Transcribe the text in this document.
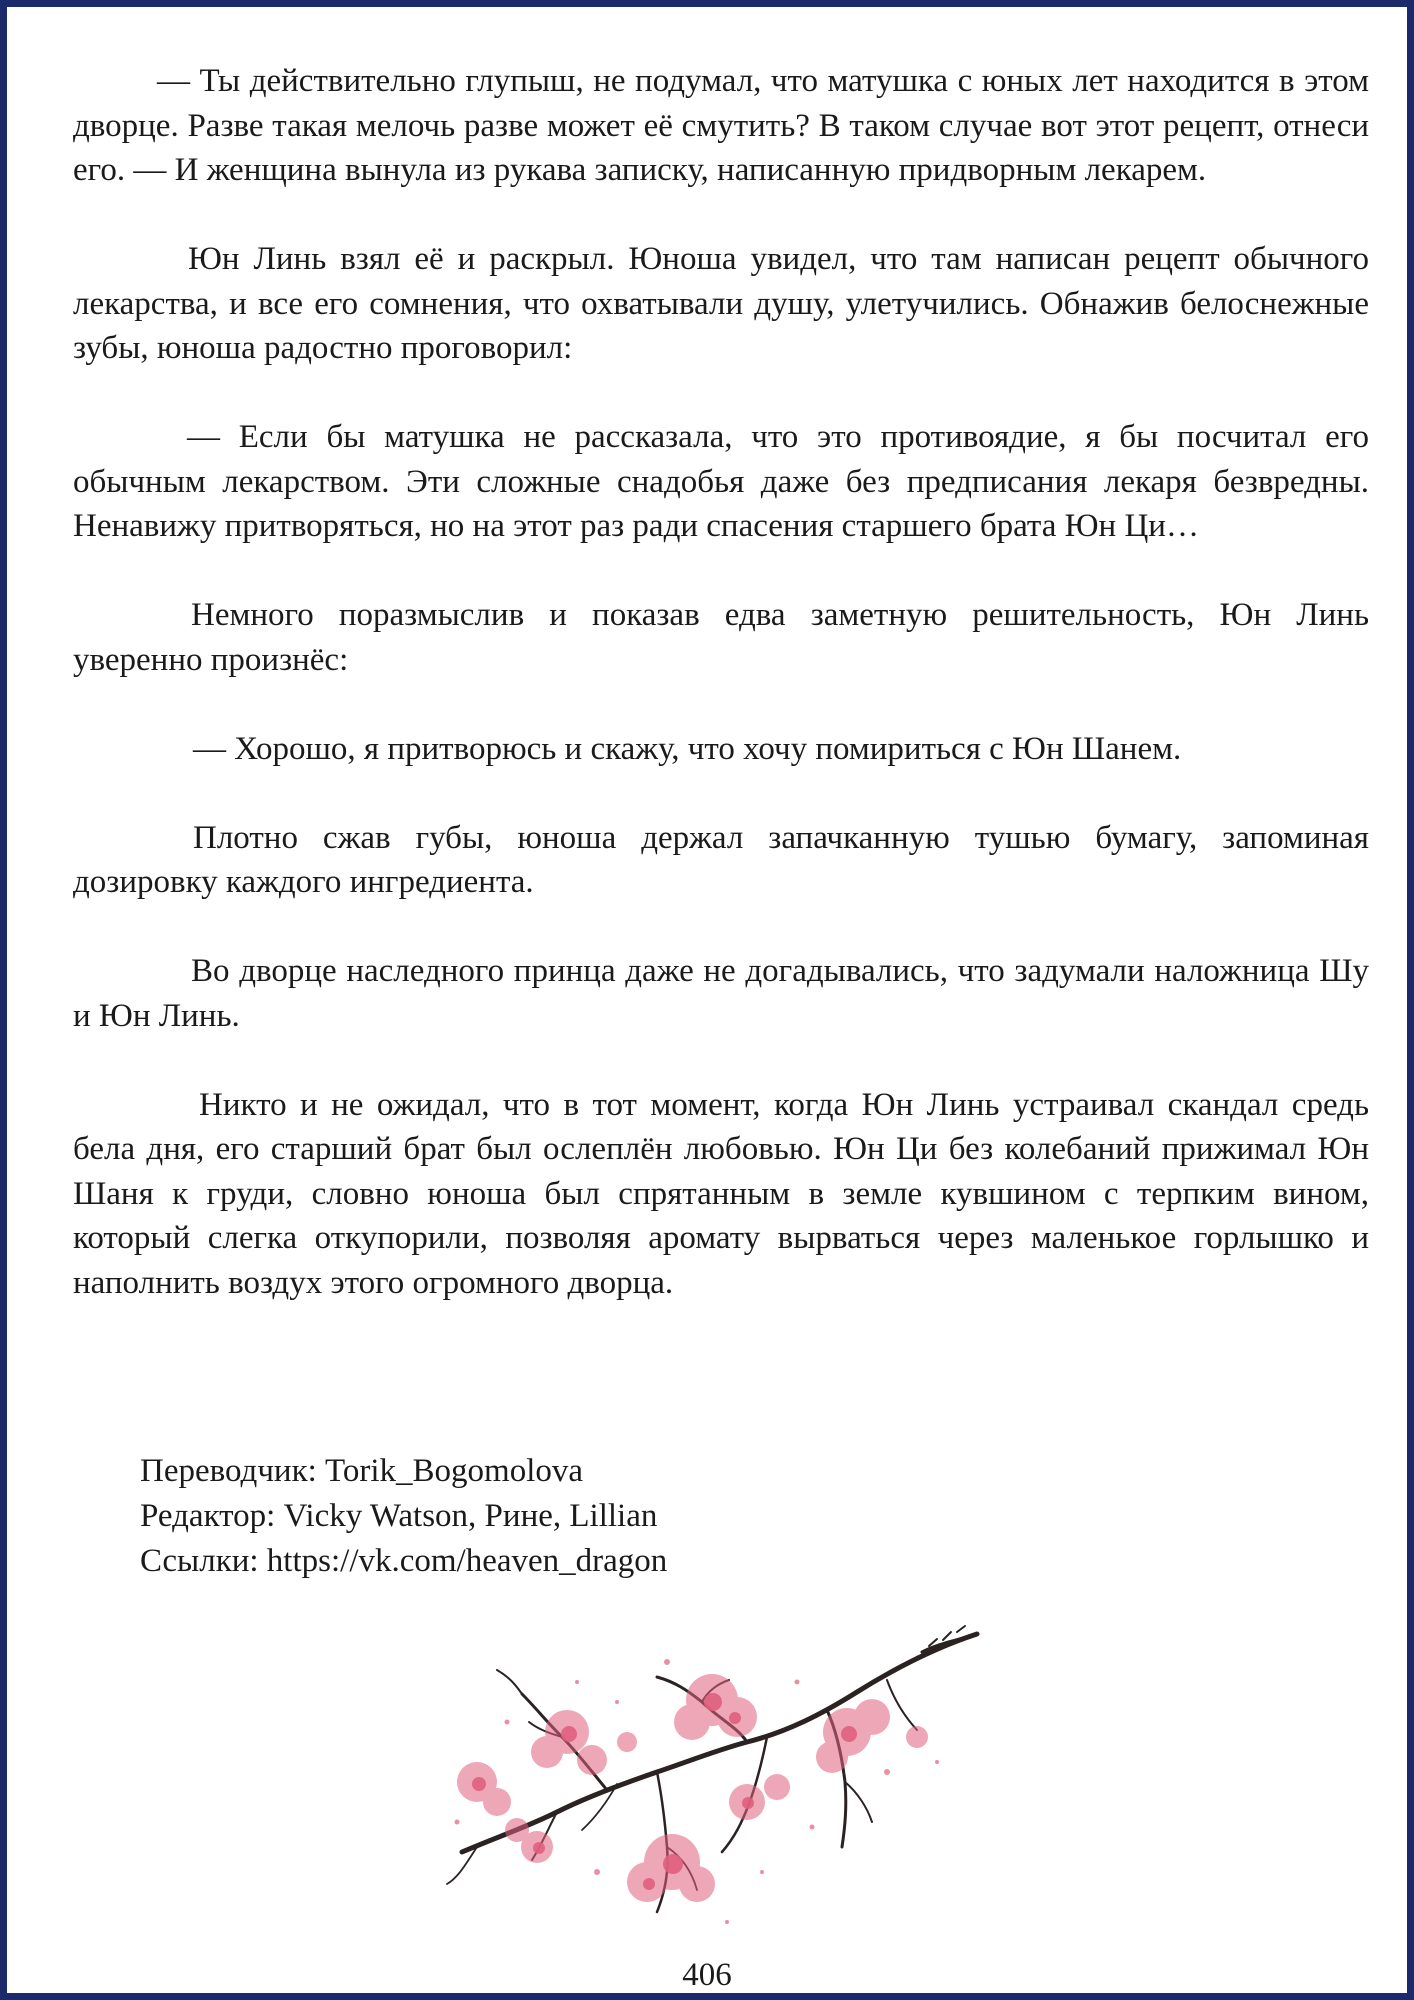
— Ты действительно глупыш, не подумал, что матушка с юных лет находится в этом дворце. Разве такая мелочь разве может её смутить? В таком случае вот этот рецепт, отнеси его. — И женщина вынула из рукава записку, написанную придворным лекарем.

Юн Линь взял её и раскрыл. Юноша увидел, что там написан рецепт обычного лекарства, и все его сомнения, что охватывали душу, улетучились. Обнажив белоснежные зубы, юноша радостно проговорил:

— Если бы матушка не рассказала, что это противоядие, я бы посчитал его обычным лекарством. Эти сложные снадобья даже без предписания лекаря безвредны. Ненавижу притворяться, но на этот раз ради спасения старшего брата Юн Ци…

Немного поразмыслив и показав едва заметную решительность, Юн Линь уверенно произнёс:

— Хорошо, я притворюсь и скажу, что хочу помириться с Юн Шанем.

Плотно сжав губы, юноша держал запачканную тушью бумагу, запоминая дозировку каждого ингредиента.

Во дворце наследного принца даже не догадывались, что задумали наложница Шу и Юн Линь.

Никто и не ожидал, что в тот момент, когда Юн Линь устраивал скандал средь бела дня, его старший брат был ослеплён любовью. Юн Ци без колебаний прижимал Юн Шаня к груди, словно юноша был спрятанным в земле кувшином с терпким вином, который слегка откупорили, позволяя аромату вырваться через маленькое горлышко и наполнить воздух этого огромного дворца.

Переводчик: Torik_Bogomolova
Редактор: Vicky Watson, Рине, Lillian
Ссылки: https://vk.com/heaven_dragon
406
